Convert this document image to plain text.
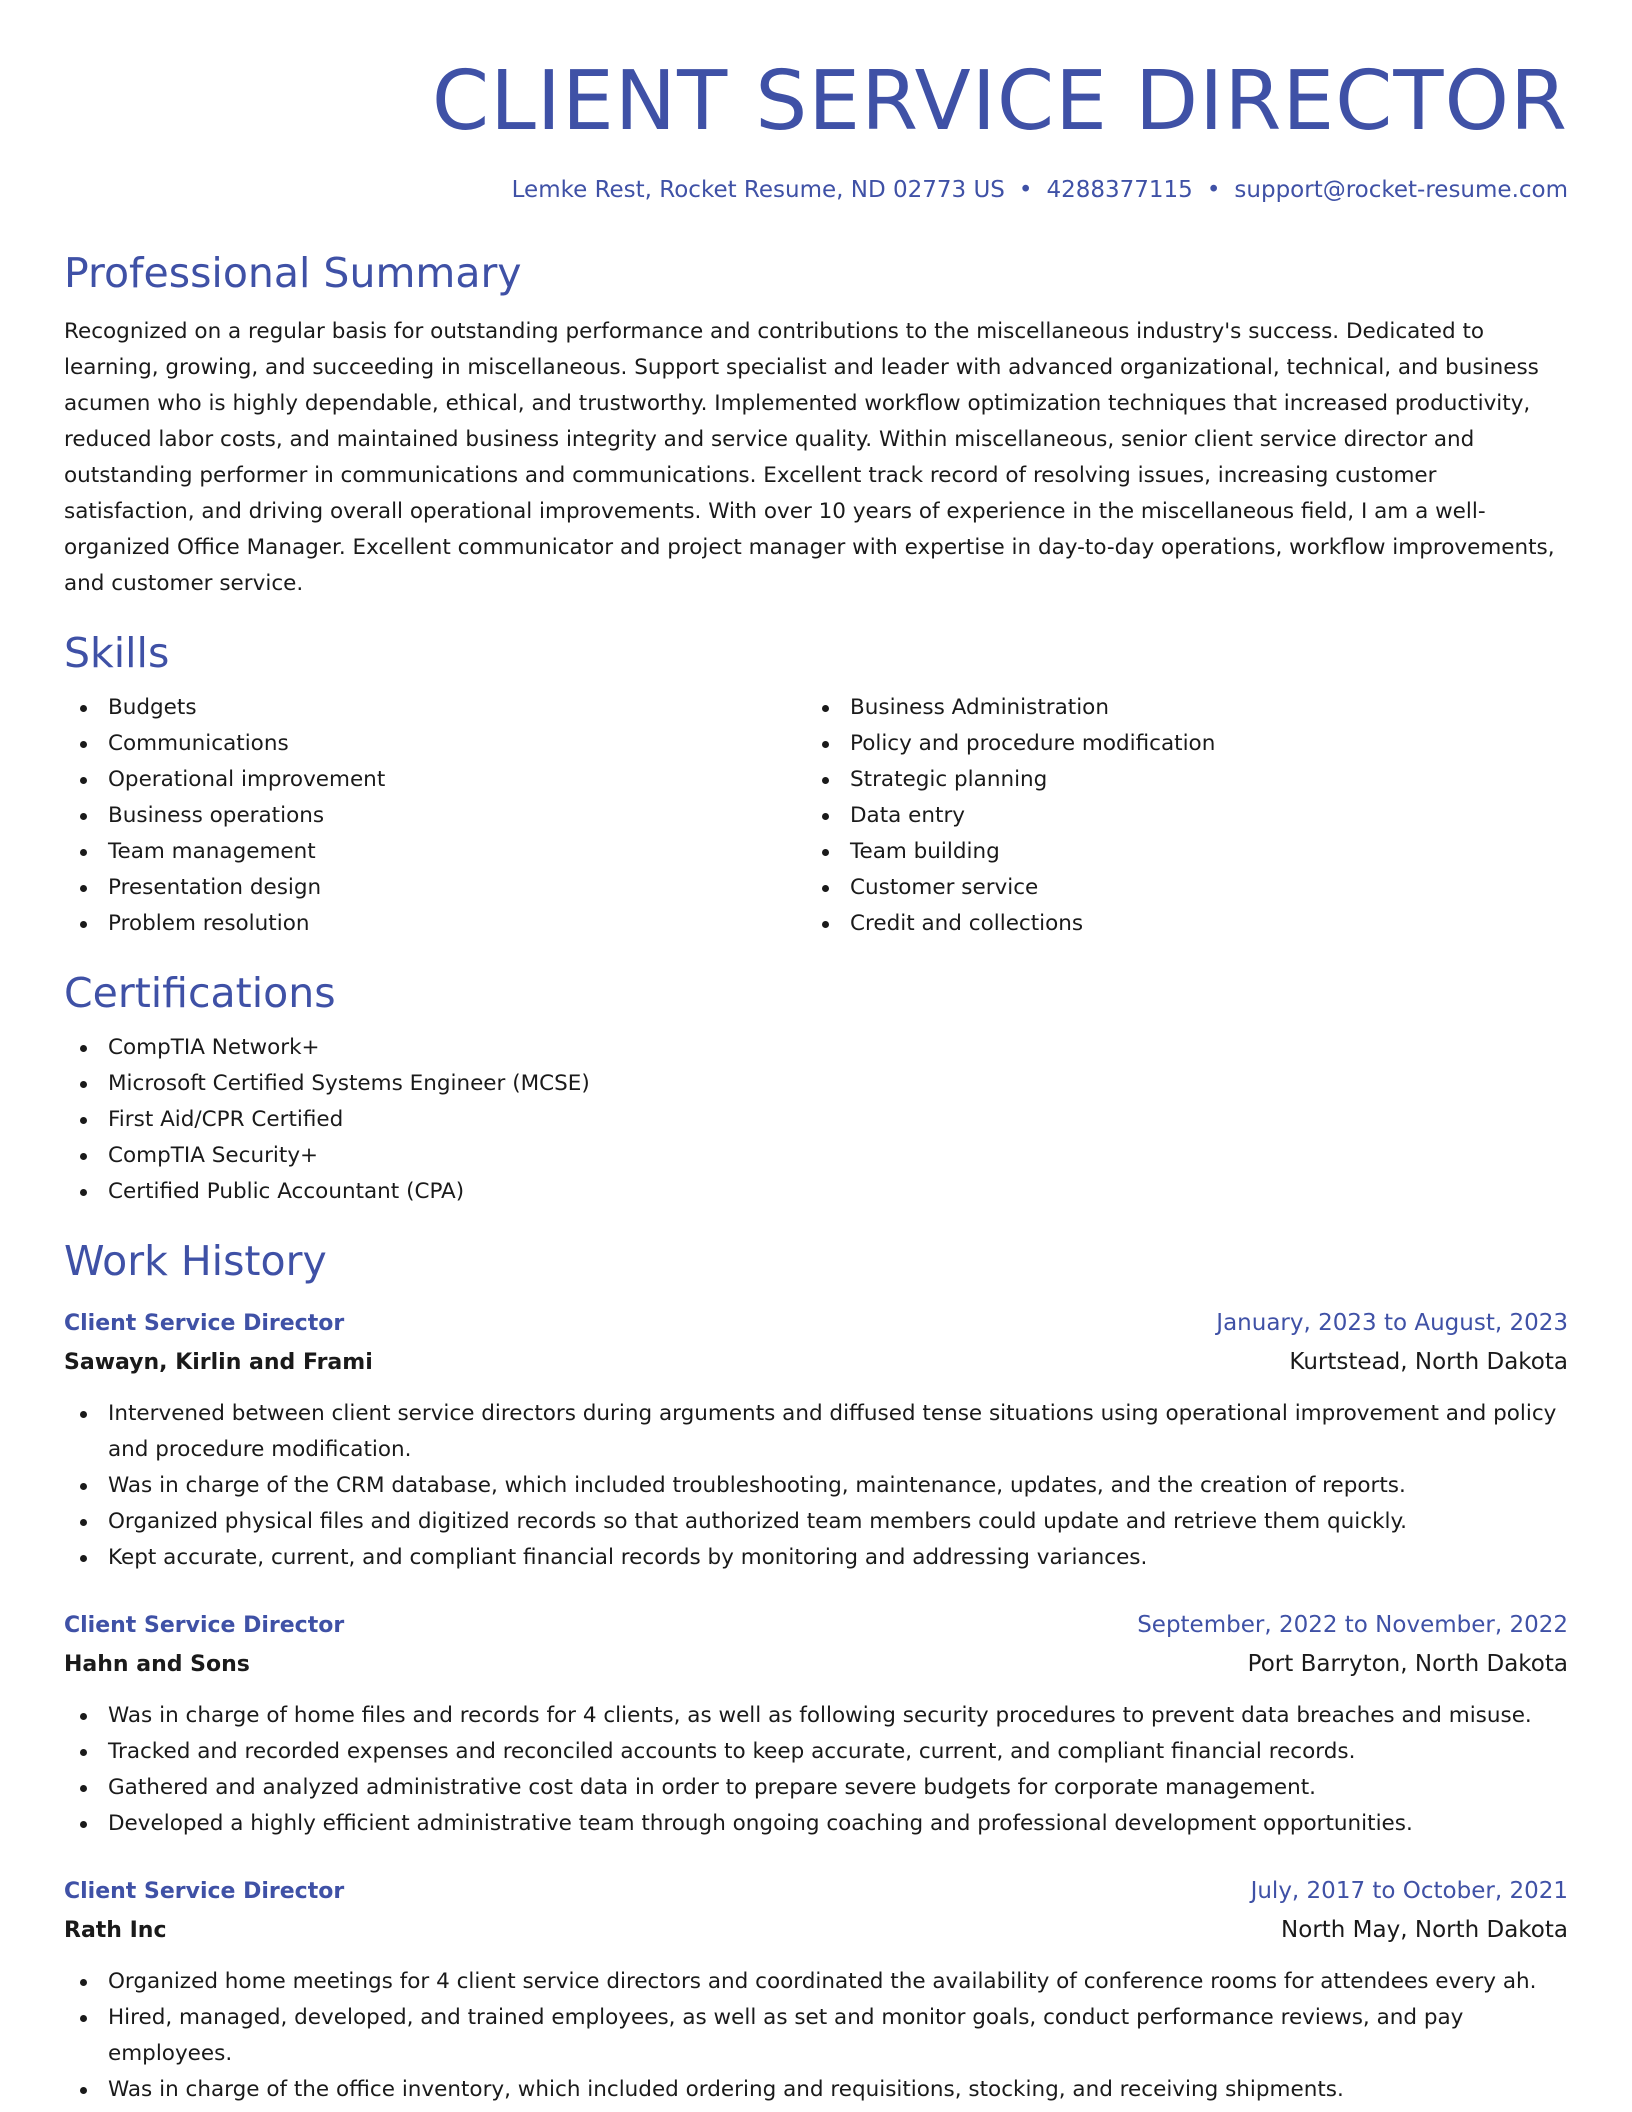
CLIENT SERVICE DIRECTOR
Lemke Rest, Rocket Resume, ND 02773 US • 4288377115 • support@rocket-resume.com
Professional Summary

Recognized on a regular basis for outstanding performance and contributions to the miscellaneous industry's success. Dedicated to learning, growing, and succeeding in miscellaneous. Support specialist and leader with advanced organizational, technical, and business acumen who is highly dependable, ethical, and trustworthy. Implemented workflow optimization techniques that increased productivity, reduced labor costs, and maintained business integrity and service quality. Within miscellaneous, senior client service director and outstanding performer in communications and communications. Excellent track record of resolving issues, increasing customer satisfaction, and driving overall operational improvements. With over 10 years of experience in the miscellaneous field, I am a well-organized Office Manager. Excellent communicator and project manager with expertise in day-to-day operations, workflow improvements, and customer service.

Skills
Budgets
Communications
Operational improvement
Business operations
Team management
Presentation design
Problem resolution
Business Administration
Policy and procedure modification
Strategic planning
Data entry
Team building
Customer service
Credit and collections
Certifications
CompTIA Network+
Microsoft Certified Systems Engineer (MCSE)
First Aid/CPR Certified
CompTIA Security+
Certified Public Accountant (CPA)
Work History
Client Service Director	January, 2023 to August, 2023
Sawayn, Kirlin and Frami	Kurtstead, North Dakota
Intervened between client service directors during arguments and diffused tense situations using operational improvement and policy and procedure modification.
Was in charge of the CRM database, which included troubleshooting, maintenance, updates, and the creation of reports.
Organized physical files and digitized records so that authorized team members could update and retrieve them quickly.
Kept accurate, current, and compliant financial records by monitoring and addressing variances.
Client Service Director	September, 2022 to November, 2022
Hahn and Sons	Port Barryton, North Dakota
Was in charge of home files and records for 4 clients, as well as following security procedures to prevent data breaches and misuse.
Tracked and recorded expenses and reconciled accounts to keep accurate, current, and compliant financial records.
Gathered and analyzed administrative cost data in order to prepare severe budgets for corporate management.
Developed a highly efficient administrative team through ongoing coaching and professional development opportunities.
Client Service Director	July, 2017 to October, 2021
Rath Inc	North May, North Dakota
Organized home meetings for 4 client service directors and coordinated the availability of conference rooms for attendees every ah.
Hired, managed, developed, and trained employees, as well as set and monitor goals, conduct performance reviews, and pay employees.
Was in charge of the office inventory, which included ordering and requisitions, stocking, and receiving shipments.
